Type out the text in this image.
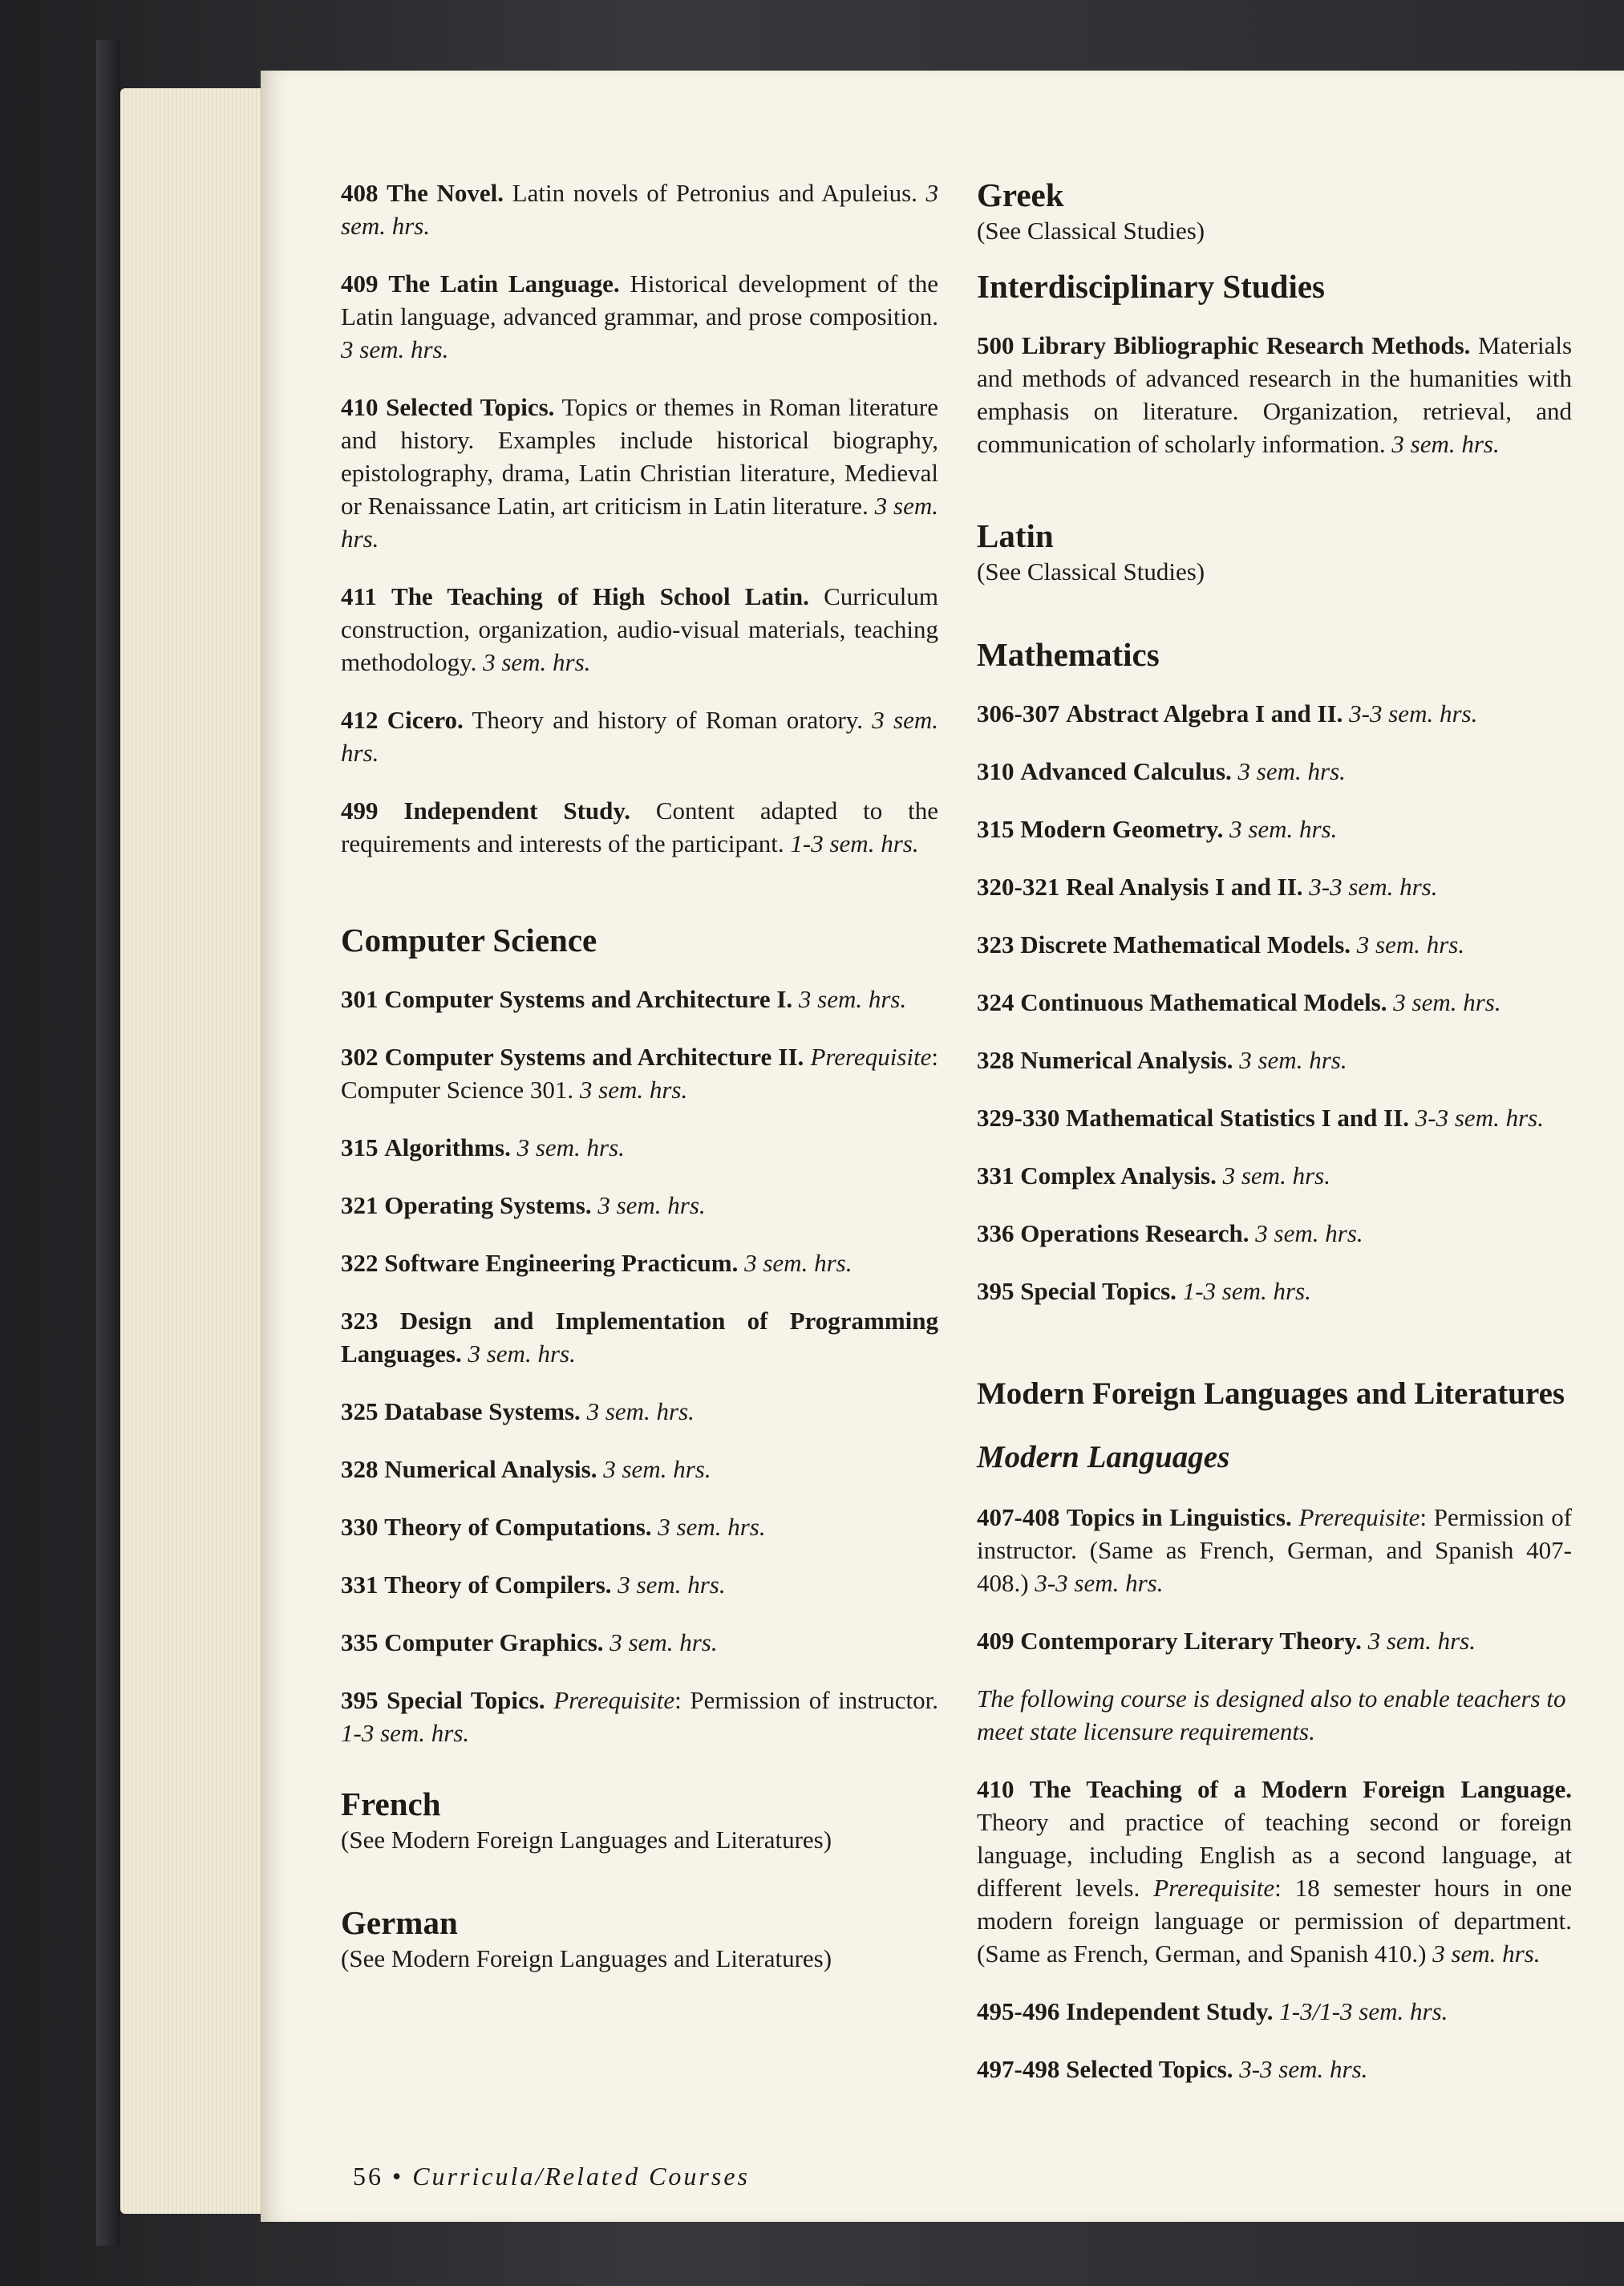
408 The Novel. Latin novels of Petronius and Apuleius. 3 sem. hrs.

409 The Latin Language. Historical development of the Latin language, advanced grammar, and prose composition. 3 sem. hrs.

410 Selected Topics. Topics or themes in Roman literature and history. Examples include historical biography, epistolography, drama, Latin Christian literature, Medieval or Renaissance Latin, art criticism in Latin literature. 3 sem. hrs.

411 The Teaching of High School Latin. Curriculum construction, organization, audio-visual materials, teaching methodology. 3 sem. hrs.

412 Cicero. Theory and history of Roman oratory. 3 sem. hrs.

499 Independent Study. Content adapted to the requirements and interests of the participant. 1-3 sem. hrs.

Computer Science

301 Computer Systems and Architecture I. 3 sem. hrs.

302 Computer Systems and Architecture II. Prerequisite: Computer Science 301. 3 sem. hrs.

315 Algorithms. 3 sem. hrs.

321 Operating Systems. 3 sem. hrs.

322 Software Engineering Practicum. 3 sem. hrs.

323 Design and Implementation of Programming Languages. 3 sem. hrs.

325 Database Systems. 3 sem. hrs.

328 Numerical Analysis. 3 sem. hrs.

330 Theory of Computations. 3 sem. hrs.

331 Theory of Compilers. 3 sem. hrs.

335 Computer Graphics. 3 sem. hrs.

395 Special Topics. Prerequisite: Permission of instructor. 1-3 sem. hrs.

French

(See Modern Foreign Languages and Literatures)

German

(See Modern Foreign Languages and Literatures)

Greek

(See Classical Studies)

Interdisciplinary Studies

500 Library Bibliographic Research Methods. Materials and methods of advanced research in the humanities with emphasis on literature. Organization, retrieval, and communication of scholarly information. 3 sem. hrs.

Latin

(See Classical Studies)

Mathematics

306-307 Abstract Algebra I and II. 3-3 sem. hrs.

310 Advanced Calculus. 3 sem. hrs.

315 Modern Geometry. 3 sem. hrs.

320-321 Real Analysis I and II. 3-3 sem. hrs.

323 Discrete Mathematical Models. 3 sem. hrs.

324 Continuous Mathematical Models. 3 sem. hrs.

328 Numerical Analysis. 3 sem. hrs.

329-330 Mathematical Statistics I and II. 3-3 sem. hrs.

331 Complex Analysis. 3 sem. hrs.

336 Operations Research. 3 sem. hrs.

395 Special Topics. 1-3 sem. hrs.

Modern Foreign Languages and Literatures
Modern Languages

407-408 Topics in Linguistics. Prerequisite: Permission of instructor. (Same as French, German, and Spanish 407-408.) 3-3 sem. hrs.

409 Contemporary Literary Theory. 3 sem. hrs.

The following course is designed also to enable teachers to meet state licensure requirements.

410 The Teaching of a Modern Foreign Language. Theory and practice of teaching second or foreign language, including English as a second language, at different levels. Prerequisite: 18 semester hours in one modern foreign language or permission of department. (Same as French, German, and Spanish 410.) 3 sem. hrs.

495-496 Independent Study. 1-3/1-3 sem. hrs.

497-498 Selected Topics. 3-3 sem. hrs.

56 • Curricula/Related Courses
